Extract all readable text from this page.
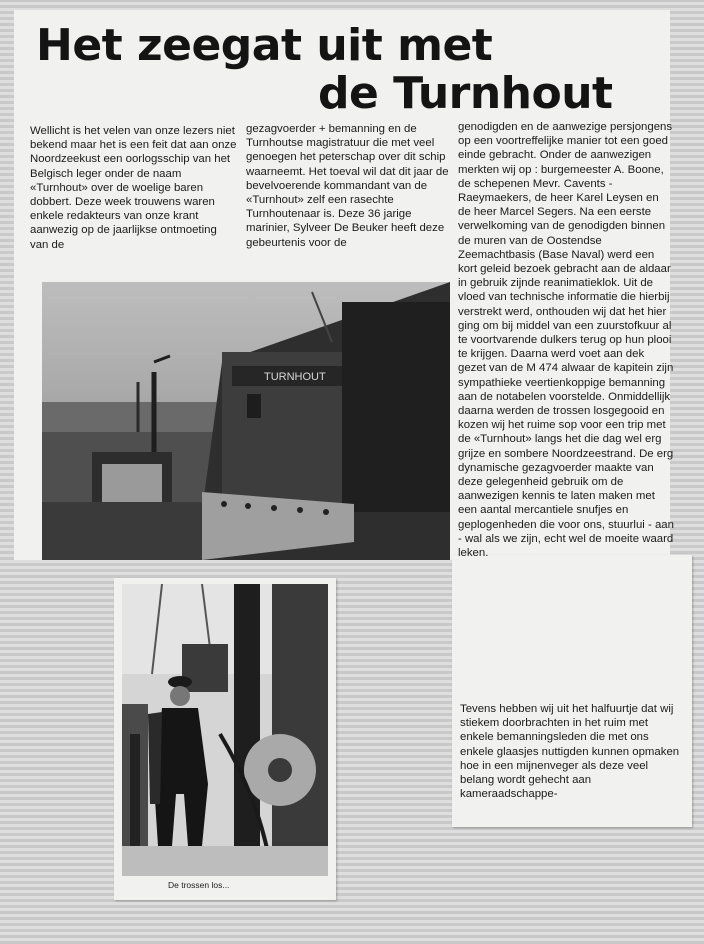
Het zeegat uit met
de Turnhout

Wellicht is het velen van onze lezers niet bekend maar het is een feit dat aan onze Noordzeekust een oorlogsschip van het Belgisch leger onder de naam «Turnhout» over de woelige baren dobbert. Deze week trouwens waren enkele redakteurs van onze krant aanwezig op de jaarlijkse ontmoeting van de

gezagvoerder + bemanning en de Turnhoutse magistratuur die met veel genoegen het peterschap over dit schip waarneemt. Het toeval wil dat dit jaar de bevelvoerende kommandant van de «Turnhout» zelf een rasechte Turnhoutenaar is. Deze 36 jarige marinier, Sylveer De Beuker heeft deze gebeurtenis voor de

genodigden en de aanwezige persjongens op een voortreffelijke manier tot een goed einde gebracht. Onder de aanwezigen merkten wij op : burgemeester A. Boone, de schepenen Mevr. Cavents - Raeymaekers, de heer Karel Leysen en de heer Marcel Segers. Na een eerste verwelkoming van de genodigden binnen de muren van de Oostendse Zeemachtbasis (Base Naval) werd een kort geleid bezoek gebracht aan de aldaar in gebruik zijnde reanimatieklok. Uit de vloed van technische informatie die hierbij verstrekt werd, onthouden wij dat het hier ging om bij middel van een zuurstofkuur al te voortvarende dulkers terug op hun plooi te krijgen. Daarna werd voet aan dek gezet van de M 474 alwaar de kapitein zijn sympathieke veertienkoppige bemanning aan de notabelen voorstelde. Onmiddellijk daarna werden de trossen losgegooid en kozen wij het ruime sop voor een trip met de «Turnhout» langs het die dag wel erg grijze en sombere Noordzeestrand. De erg dynamische gezagvoerder maakte van deze gelegenheid gebruik om de aanwezigen kennis te laten maken met een aantal mercantiele snufjes en geplogenheden die voor ons, stuurlui - aan - wal als we zijn, echt wel de moeite waard leken.

Tevens hebben wij uit het halfuurtje dat wij stiekem doorbrachten in het ruim met enkele bemanningsleden die met ons enkele glaasjes nuttigden kunnen opmaken hoe in een mijnenveger als deze veel belang wordt gehecht aan kameraadschappe-

TURNHOUT
De trossen los...
